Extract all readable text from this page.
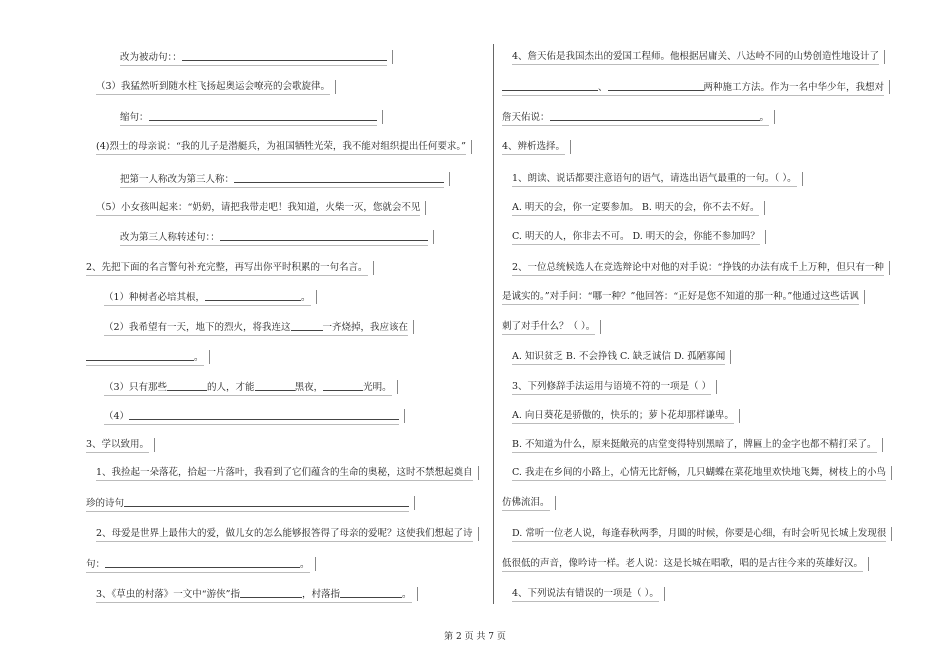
改为被动句：：
（3）我猛然听到随水柱飞扬起奥运会嘹亮的会歌旋律。
缩句：
(4)烈士的母亲说：“我的儿子是潜艇兵，为祖国牺牲光荣，我不能对组织提出任何要求。”
把第一人称改为第三人称：
（5）小女孩叫起来：“奶奶，请把我带走吧！我知道，火柴一灭，您就会不见
改为第三人称转述句：：
2、先把下面的名言警句补充完整，再写出你平时积累的一句名言。
（1）种树者必培其根，	。
（2）我希望有一天，地下的烈火，将我连这	一齐烧掉，我应该在
。
（3）只有那些	的人，才能	黑夜，	光明。
（4）
3、学以致用。
1、我捡起一朵落花，拾起一片落叶，我看到了它们蕴含的生命的奥秘，这时不禁想起奠自
珍的诗句
2、母爱是世界上最伟大的爱，做儿女的怎么能够报答得了母亲的爱呢？这使我们想起了诗
句：	。
3、《草虫的村落》一文中“游侠”指	，村落指	。
4、詹天佑是我国杰出的爱国工程师。他根据居庸关、八达岭不同的山势创造性地设计了
、	两种施工方法。作为一名中华少年，我想对
詹天佑说：	。
4、辨析选择。
1、朗读、说话都要注意语句的语气，请选出语气最重的一句。（ ）。
A. 明天的会，你一定要参加。 B. 明天的会，你不去不好。
C. 明天的人，你非去不可。 D. 明天的会，你能不参加吗？
2、一位总统候选人在竞选辩论中对他的对手说：“挣钱的办法有成千上万种，但只有一种
是诚实的。”对手问：“哪一种？”他回答：“正好是您不知道的那一种。”他通过这些话讽
刺了对手什么？（ ）。
A. 知识贫乏 B. 不会挣钱 C. 缺乏诚信 D. 孤陋寡闻
3、下列修辞手法运用与语境不符的一项是（ ）
A. 向日葵花是骄傲的，快乐的；萝卜花却那样谦卑。
B. 不知道为什么，原来挺敞亮的店堂变得特别黑暗了，牌匾上的金字也都不精打采了。
C. 我走在乡间的小路上，心情无比舒畅，几只蝴蝶在菜花地里欢快地飞舞，树枝上的小鸟
仿佛流泪。
D. 常听一位老人说，每逢春秋两季，月圆的时候，你要是心细，有时会听见长城上发现很
低很低的声音，像吟诗一样。老人说：这是长城在唱歌，唱的是古往今来的英雄好汉。
4、下列说法有错误的一项是（ ）。
第 2 页 共 7 页
